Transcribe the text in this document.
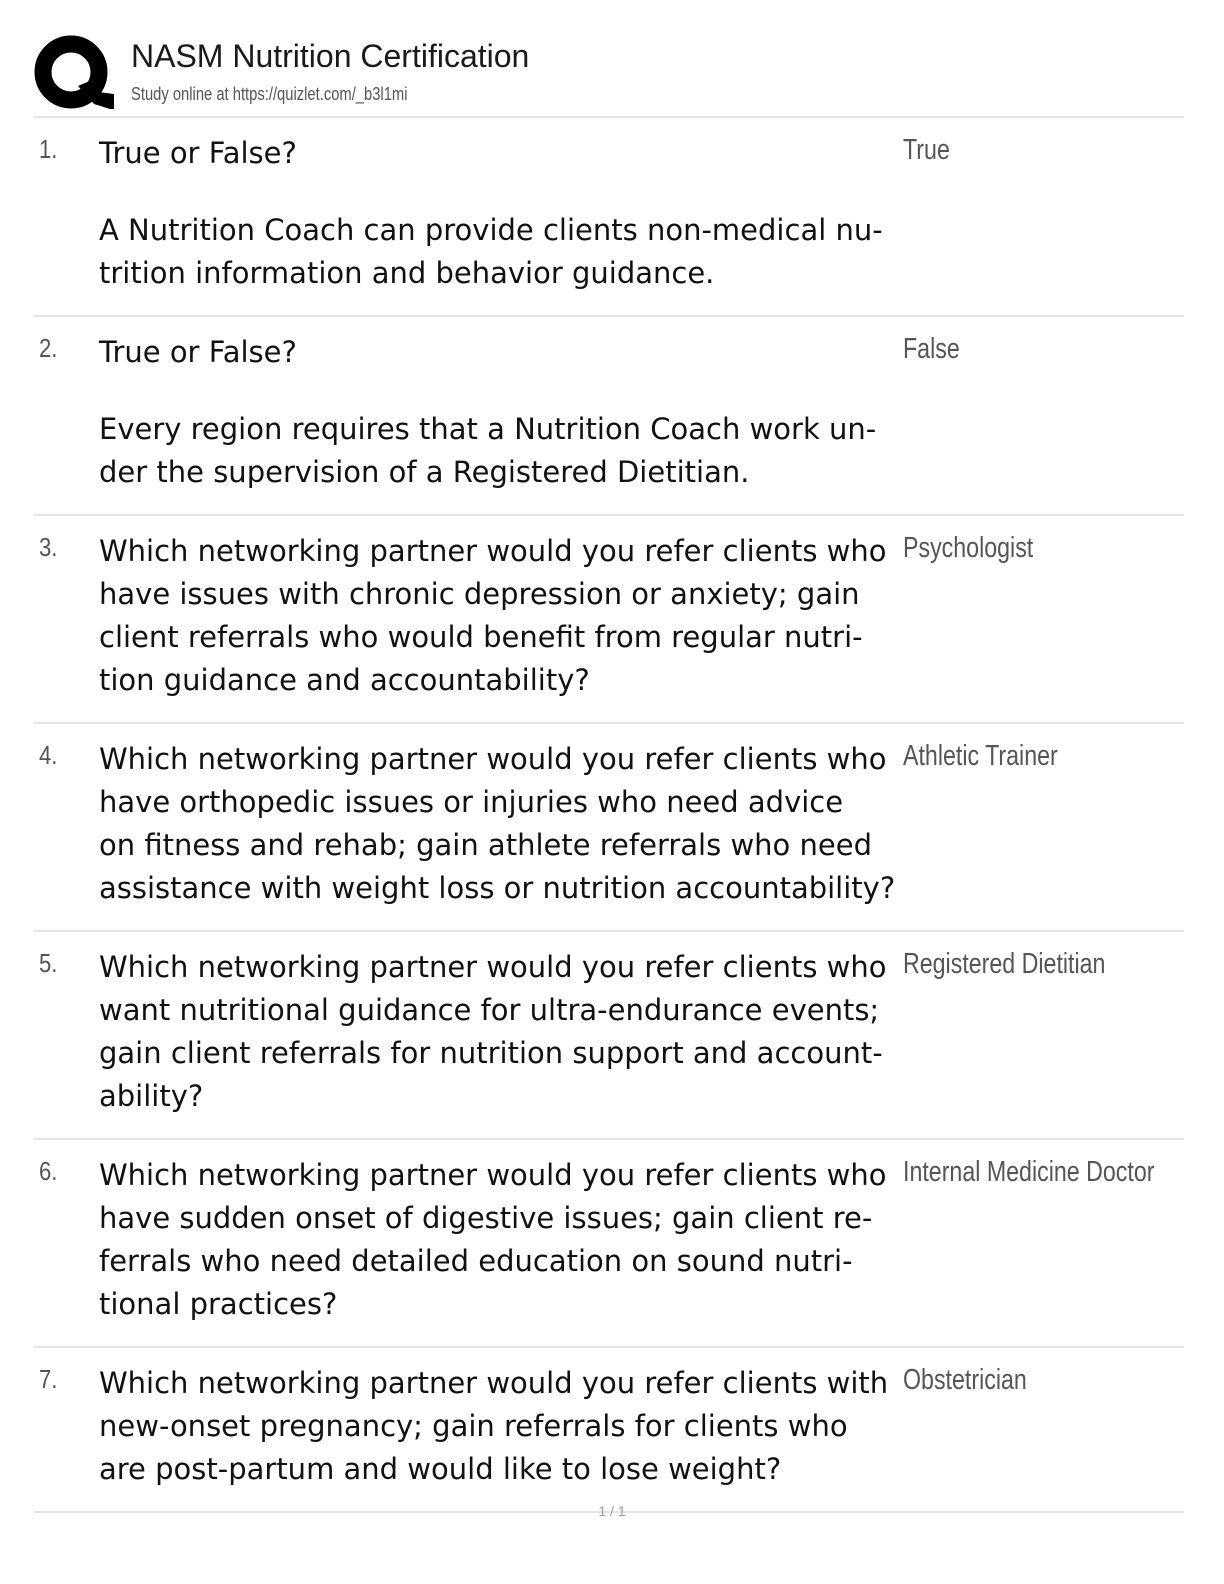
NASM Nutrition Certification
Study online at https://quizlet.com/_b3l1mi
1. True or False?

A Nutrition Coach can provide clients non-medical nu-
trition information and behavior guidance.

True
2. True or False?

Every region requires that a Nutrition Coach work un-
der the supervision of a Registered Dietitian.

False
3. Which networking partner would you refer clients who
have issues with chronic depression or anxiety; gain
client referrals who would benefit from regular nutri-
tion guidance and accountability?

Psychologist
4. Which networking partner would you refer clients who
have orthopedic issues or injuries who need advice
on fitness and rehab; gain athlete referrals who need
assistance with weight loss or nutrition accountability?

Athletic Trainer
5. Which networking partner would you refer clients who
want nutritional guidance for ultra-endurance events;
gain client referrals for nutrition support and account-
ability?

Registered Dietitian
6. Which networking partner would you refer clients who
have sudden onset of digestive issues; gain client re-
ferrals who need detailed education on sound nutri-
tional practices?

Internal Medicine Doctor
7. Which networking partner would you refer clients with
new-onset pregnancy; gain referrals for clients who
are post-partum and would like to lose weight?

Obstetrician
1 / 1
